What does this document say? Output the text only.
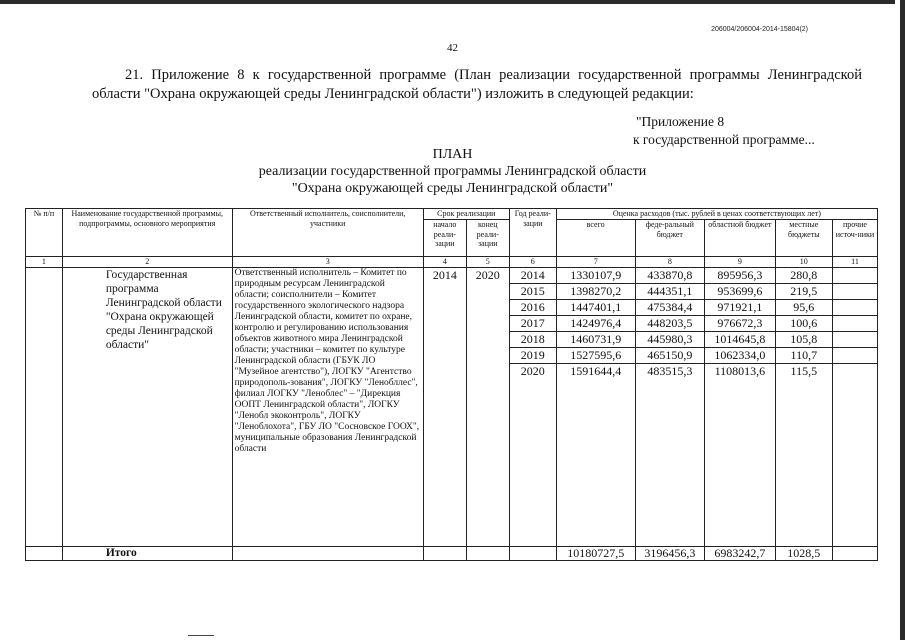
206004/206004-2014-15804(2)
42
21. Приложение 8 к государственной программе (План реализации государственной программы Ленинградской области "Охрана окружающей среды Ленинградской области") изложить в следующей редакции:
"Приложение 8
к государственной программе...
ПЛАН
реализации государственной программы Ленинградской области
"Охрана окружающей среды Ленинградской области"
№ п/п	Наименование государственной программы, подпрограммы, основного мероприятия	Ответственный исполнитель, соисполнители, участники	Срок реализации		Год реали-зации	Оценка расходов (тыс. рублей в ценах соответствующих лет)				
			начало реали-зации	конец реали-зации		всего	феде-ральный бюджет	областной бюджет	местные бюджеты	прочие источ-ники
1	2	3	4	5	6	7	8	9	10	11
	Государственная программа Ленинградской области "Охрана окружающей среды Ленинградской области"	Ответственный исполнитель – Комитет по природным ресурсам Ленинградской области; соисполнители – Комитет государственного экологического надзора Ленинградской области, комитет по охране, контролю и регулированию использования объектов животного мира Ленинградской области; участники – комитет по культуре Ленинградской области (ГБУК ЛО "Музейное агентство"), ЛОГКУ "Агентство природополь-зования", ЛОГКУ "Ленобллес", филиал ЛОГКУ "Леноблес" – "Дирекция ООПТ Ленинградской области", ЛОГКУ "Ленобл экоконтроль", ЛОГКУ "Леноблохота", ГБУ ЛО "Сосновское ГООХ", муниципальные образования Ленинградской области	2014	2020	2014	1330107,9	433870,8	895956,3	280,8	
					2015	1398270,2	444351,1	953699,6	219,5	
					2016	1447401,1	475384,4	971921,1	95,6	
					2017	1424976,4	448203,5	976672,3	100,6	
					2018	1460731,9	445980,3	1014645,8	105,8	
					2019	1527595,6	465150,9	1062334,0	110,7	
					2020	1591644,4	483515,3	1108013,6	115,5	
	Итого					10180727,5	3196456,3	6983242,7	1028,5	
